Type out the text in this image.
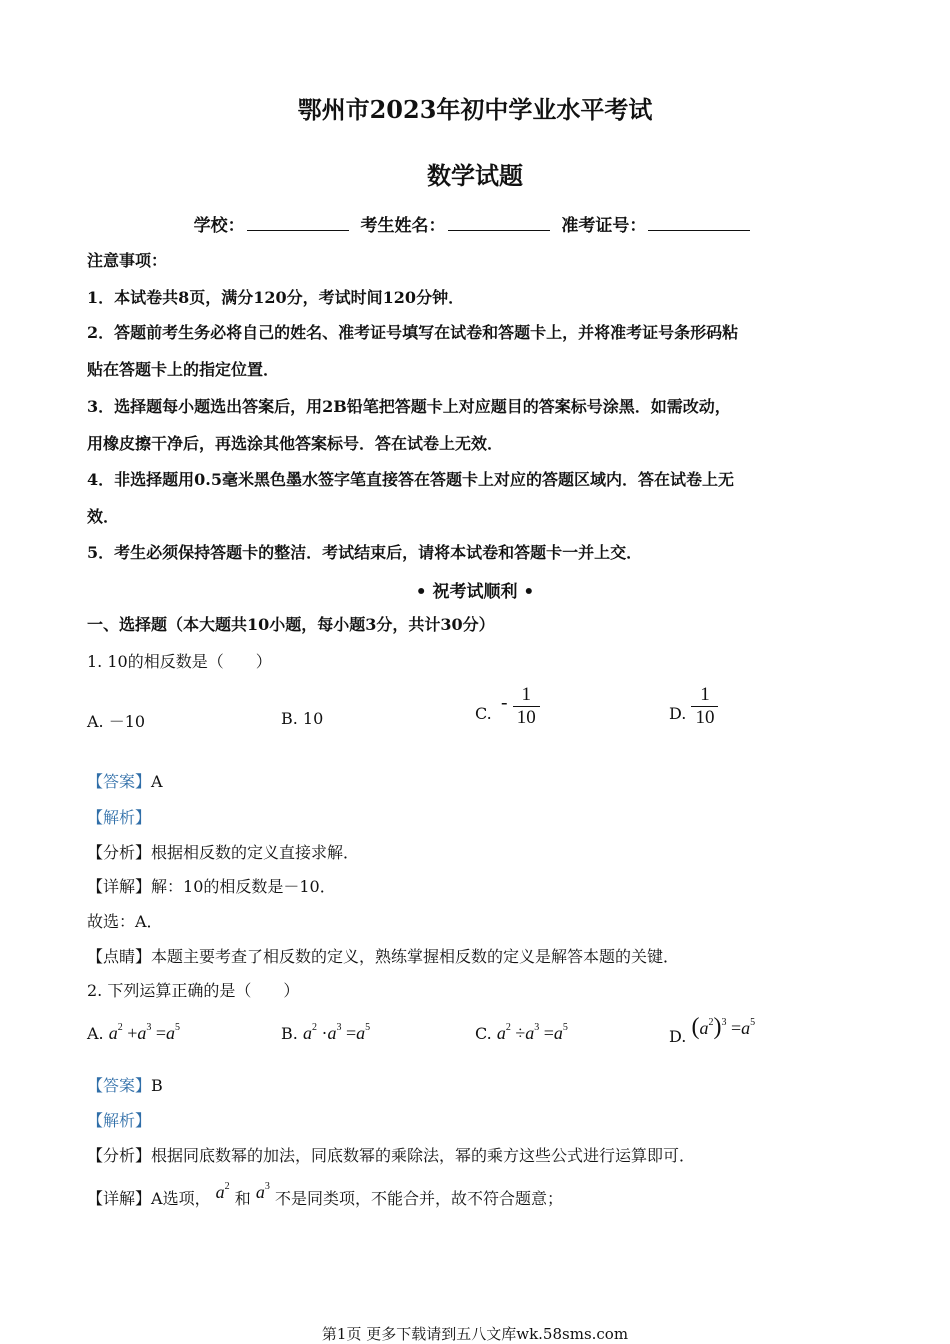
鄂州市2023年初中学业水平考试
数学试题
学校：	考生姓名：	准考证号：
注意事项：
1．本试卷共8页，满分120分，考试时间120分钟．
2．答题前考生务必将自己的姓名、准考证号填写在试卷和答题卡上，并将准考证号条形码粘
贴在答题卡上的指定位置．
3．选择题每小题选出答案后，用2B铅笔把答题卡上对应题目的答案标号涂黑．如需改动，
用橡皮擦干净后，再选涂其他答案标号．答在试卷上无效．
4．非选择题用0.5毫米黑色墨水签字笔直接答在答题卡上对应的答题区域内．答在试卷上无
效．
5．考生必须保持答题卡的整洁．考试结束后，请将本试卷和答题卡一并上交．
• 祝考试顺利 •
一、选择题（本大题共10小题，每小题3分，共计30分）
1. 10的相反数是（　　）
A. －10	B. 10	C. - $\frac{1}{10}$	D. $\frac{1}{10}$
【答案】A
【解析】
【分析】根据相反数的定义直接求解．
【详解】解：10的相反数是－10．
故选：A．
【点睛】本题主要考查了相反数的定义，熟练掌握相反数的定义是解答本题的关键．
2. 下列运算正确的是（　　）
A. $a^2 +a^3 =a^5$	B. $a^2 \cdot a^3 =a^5$	C. $a^2 \div a^3 =a^5$	D. $(a^2)^3 =a^5$
【答案】B
【解析】
【分析】根据同底数幂的加法，同底数幂的乘除法，幂的乘方这些公式进行运算即可．
【详解】A选项， $a^2$ 和 $a^3$ 不是同类项，不能合并，故不符合题意；
第1页 更多下载请到五八文库wk.58sms.com
